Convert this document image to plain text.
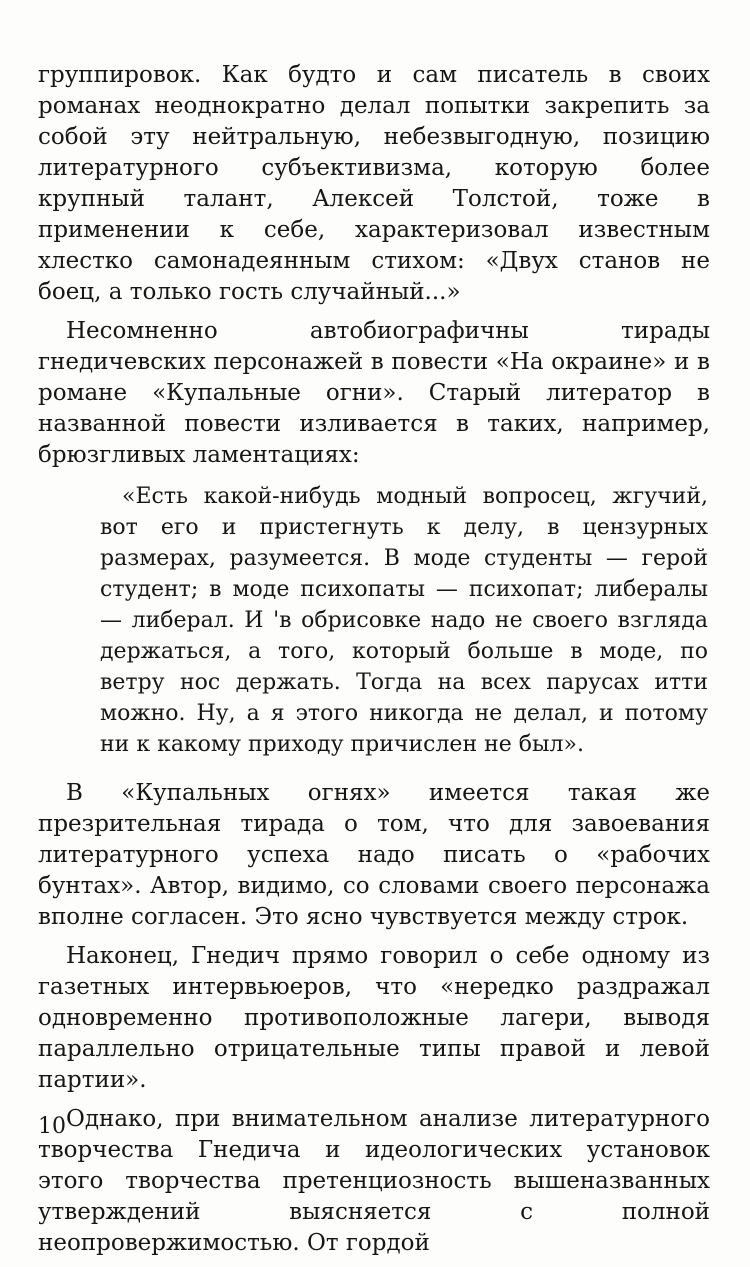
группировок. Как будто и сам писатель в своих романах неоднократно делал попытки закрепить за собой эту нейтральную, небезвыгодную, позицию литературного субъективизма, которую более крупный талант, Алексей Толстой, тоже в применении к себе, характеризовал известным хлестко самонадеянным стихом: «Двух станов не боец, а только гость случайный...»

Несомненно автобиографичны тирады гнедичевских персонажей в повести «На окраине» и в романе «Купальные огни». Старый литератор в названной повести изливается в таких, например, брюзгливых ламентациях:

«Есть какой-нибудь модный вопросец, жгучий, вот его и пристегнуть к делу, в цензурных размерах, разумеется. В моде студенты — герой студент; в моде психопаты — психопат; либералы — либерал. И 'в обрисовке надо не своего взгляда держаться, а того, который больше в моде, по ветру нос держать. Тогда на всех парусах итти можно. Ну, а я этого никогда не делал, и потому ни к какому приходу причислен не был».

В «Купальных огнях» имеется такая же презрительная тирада о том, что для завоевания литературного успеха надо писать о «рабочих бунтах». Автор, видимо, со словами своего персонажа вполне согласен. Это ясно чувствуется между строк.

Наконец, Гнедич прямо говорил о себе одному из газетных интервьюеров, что «нередко раздражал одновременно противоположные лагери, выводя параллельно отрицательные типы правой и левой партии».

Однако, при внимательном анализе литературного творчества Гнедича и идеологических установок этого творчества претенциозность вышеназванных утверждений выясняется с полной неопровержимостью. От гордой

10
